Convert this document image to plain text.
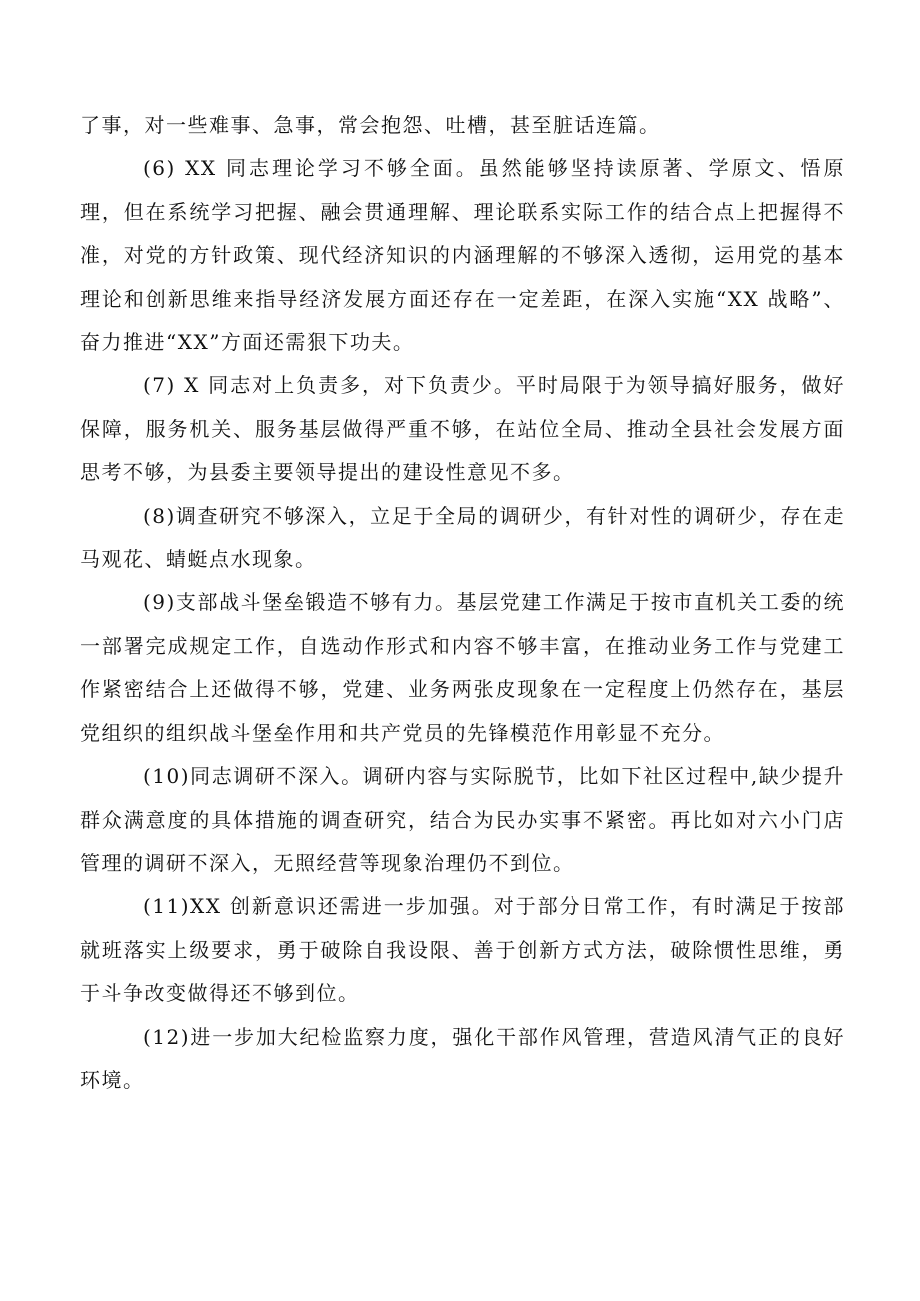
了事，对一些难事、急事，常会抱怨、吐槽，甚至脏话连篇。

(6) XX 同志理论学习不够全面。虽然能够坚持读原著、学原文、悟原理，但在系统学习把握、融会贯通理解、理论联系实际工作的结合点上把握得不准，对党的方针政策、现代经济知识的内涵理解的不够深入透彻，运用党的基本理论和创新思维来指导经济发展方面还存在一定差距，在深入实施“XX 战略”、奋力推进“XX”方面还需狠下功夫。

(7) X 同志对上负责多，对下负责少。平时局限于为领导搞好服务，做好保障，服务机关、服务基层做得严重不够，在站位全局、推动全县社会发展方面思考不够，为县委主要领导提出的建设性意见不多。

(8)调查研究不够深入，立足于全局的调研少，有针对性的调研少，存在走马观花、蜻蜓点水现象。

(9)支部战斗堡垒锻造不够有力。基层党建工作满足于按市直机关工委的统一部署完成规定工作，自选动作形式和内容不够丰富，在推动业务工作与党建工作紧密结合上还做得不够，党建、业务两张皮现象在一定程度上仍然存在，基层党组织的组织战斗堡垒作用和共产党员的先锋模范作用彰显不充分。

(10)同志调研不深入。调研内容与实际脱节，比如下社区过程中,缺少提升群众满意度的具体措施的调查研究，结合为民办实事不紧密。再比如对六小门店管理的调研不深入，无照经营等现象治理仍不到位。

(11)XX 创新意识还需进一步加强。对于部分日常工作，有时满足于按部就班落实上级要求，勇于破除自我设限、善于创新方式方法，破除惯性思维，勇于斗争改变做得还不够到位。

(12)进一步加大纪检监察力度，强化干部作风管理，营造风清气正的良好环境。
